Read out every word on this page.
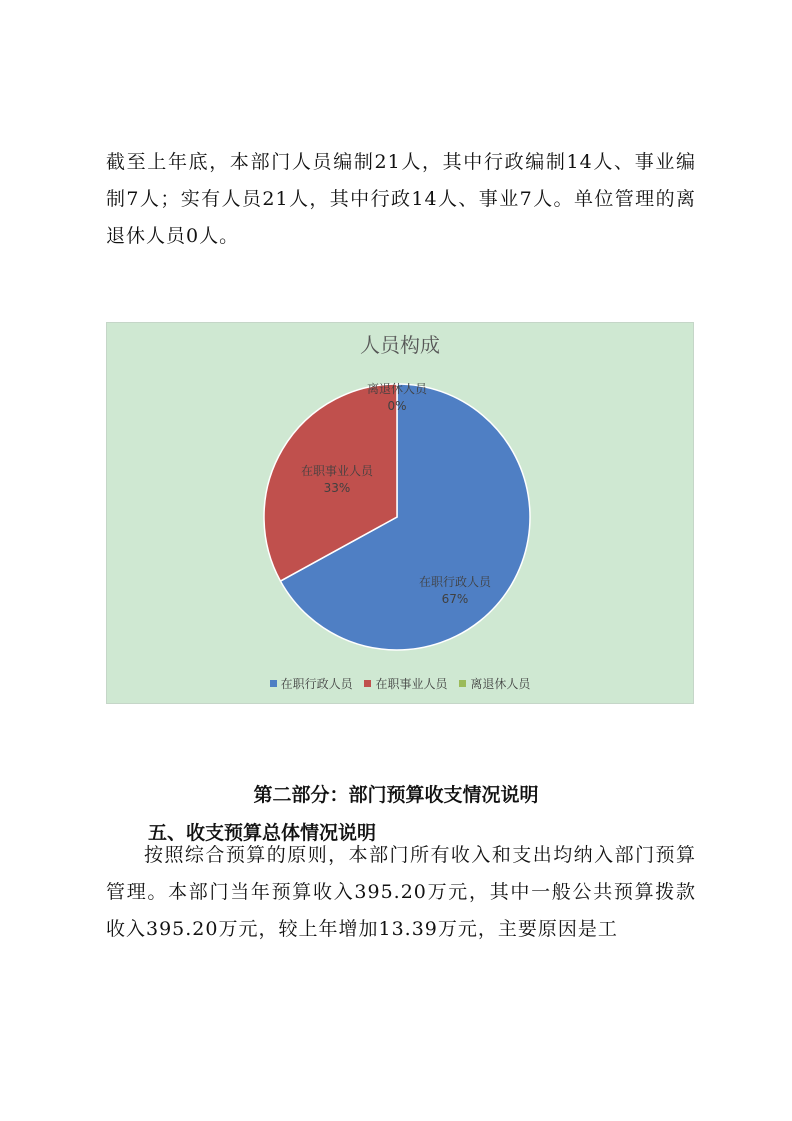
截至上年底，本部门人员编制21人，其中行政编制14人、事业编制7人；实有人员21人，其中行政14人、事业7人。单位管理的离退休人员0人。

人员构成
在职行政人员
67%
在职事业人员
33%
离退休人员
0%
在职行政人员 在职事业人员 离退休人员
第二部分：部门预算收支情况说明
五、收支预算总体情况说明

按照综合预算的原则，本部门所有收入和支出均纳入部门预算管理。本部门当年预算收入395.20万元，其中一般公共预算拨款收入395.20万元，较上年增加13.39万元，主要原因是工
